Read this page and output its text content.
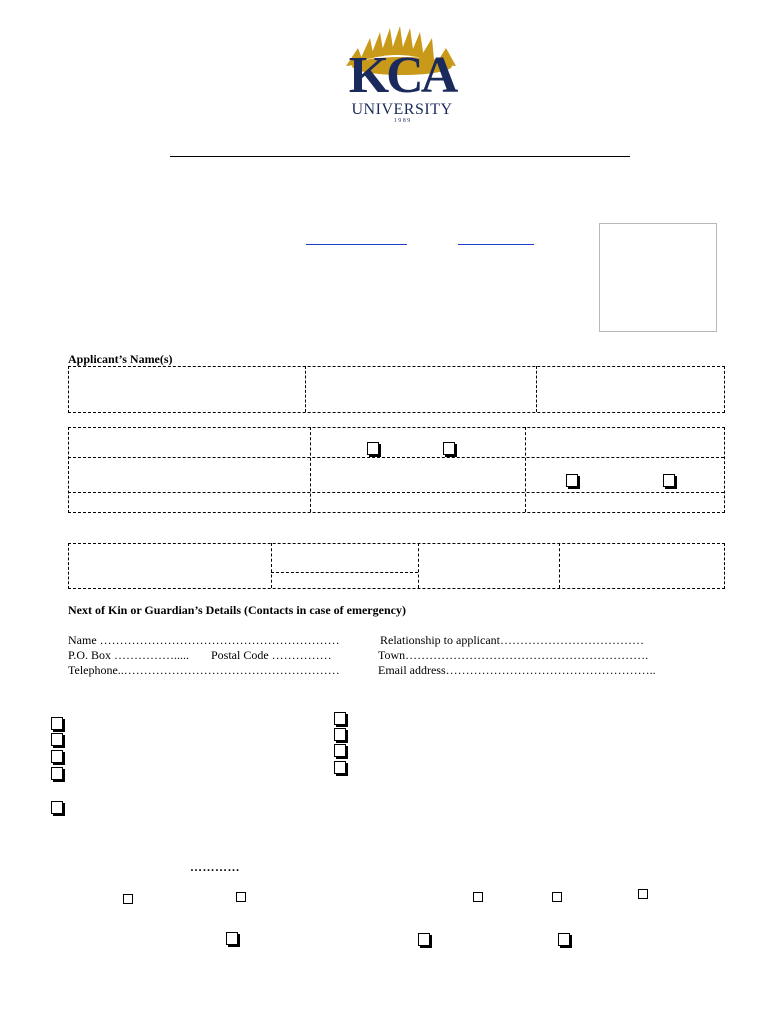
KCA
UNIVERSITY
1 9 8 9
Applicant’s Name(s)
Next of Kin or Guardian’s Details (Contacts in case of emergency)
Name ……………………………………………………	Relationship to applicant………………………………
P.O. Box ……………..... Postal Code ……………	Town…………………………………………………….
Telephone..………………………………………………	Email address……………………………………………..
…………
